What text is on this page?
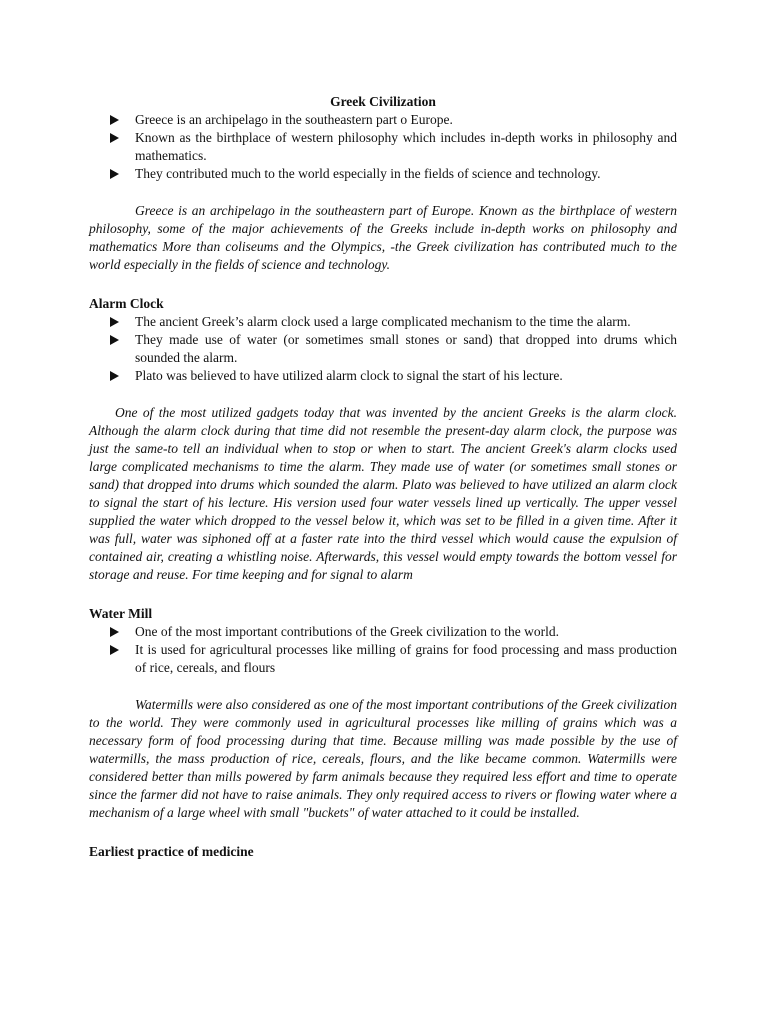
Greek Civilization

Greece is an archipelago in the southeastern part o Europe.
Known as the birthplace of western philosophy which includes in-depth works in philosophy and mathematics.
They contributed much to the world especially in the fields of science and technology.

Greece is an archipelago in the southeastern part of Europe. Known as the birthplace of western philosophy, some of the major achievements of the Greeks include in-depth works on philosophy and mathematics More than coliseums and the Olympics, -the Greek civilization has contributed much to the world especially in the fields of science and technology.

Alarm Clock

The ancient Greek’s alarm clock used a large complicated mechanism to the time the alarm.
They made use of water (or sometimes small stones or sand) that dropped into drums which sounded the alarm.
Plato was believed to have utilized alarm clock to signal the start of his lecture.

One of the most utilized gadgets today that was invented by the ancient Greeks is the alarm clock. Although the alarm clock during that time did not resemble the present-day alarm clock, the purpose was just the same-to tell an individual when to stop or when to start. The ancient Greek's alarm clocks used large complicated mechanisms to time the alarm. They made use of water (or sometimes small stones or sand) that dropped into drums which sounded the alarm. Plato was believed to have utilized an alarm clock to signal the start of his lecture. His version used four water vessels lined up vertically. The upper vessel supplied the water which dropped to the vessel below it, which was set to be filled in a given time. After it was full, water was siphoned off at a faster rate into the third vessel which would cause the expulsion of contained air, creating a whistling noise. Afterwards, this vessel would empty towards the bottom vessel for storage and reuse. For time keeping and for signal to alarm

Water Mill

One of the most important contributions of the Greek civilization to the world.
It is used for agricultural processes like milling of grains for food processing and mass production of rice, cereals, and flours

Watermills were also considered as one of the most important contributions of the Greek civilization to the world. They were commonly used in agricultural processes like milling of grains which was a necessary form of food processing during that time. Because milling was made possible by the use of watermills, the mass production of rice, cereals, flours, and the like became common. Watermills were considered better than mills powered by farm animals because they required less effort and time to operate since the farmer did not have to raise animals. They only required access to rivers or flowing water where a mechanism of a large wheel with small "buckets" of water attached to it could be installed.

Earliest practice of medicine
